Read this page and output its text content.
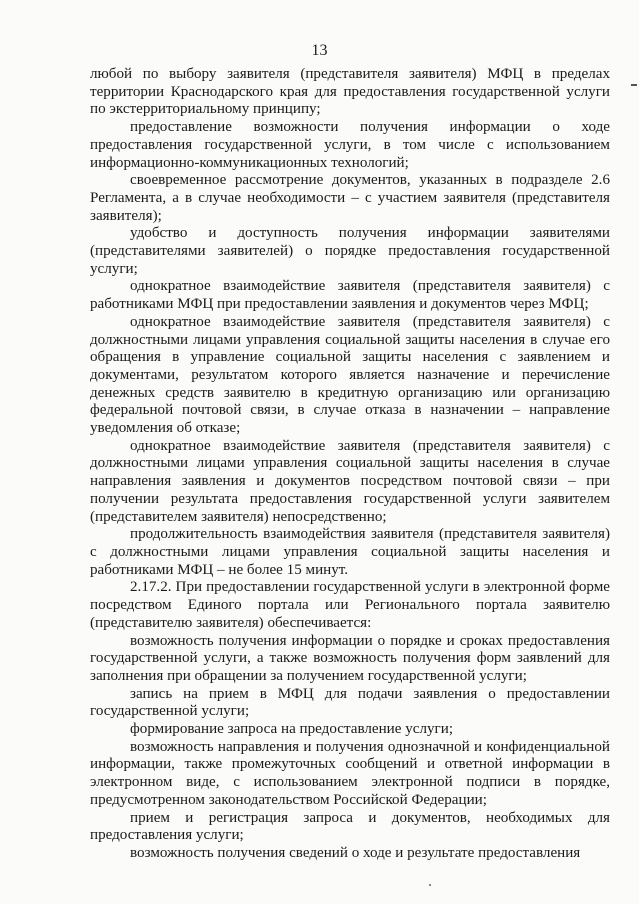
13

любой по выбору заявителя (представителя заявителя) МФЦ в пределах территории Краснодарского края для предоставления государственной услуги по экстерриториальному принципу;

предоставление возможности получения информации о ходе предоставления государственной услуги, в том числе с использованием информационно-коммуникационных технологий;

своевременное рассмотрение документов, указанных в подразделе 2.6 Регламента, а в случае необходимости – с участием заявителя (представителя заявителя);

удобство и доступность получения информации заявителями (представителями заявителей) о порядке предоставления государственной услуги;

однократное взаимодействие заявителя (представителя заявителя) с работниками МФЦ при предоставлении заявления и документов через МФЦ;

однократное взаимодействие заявителя (представителя заявителя) с должностными лицами управления социальной защиты населения в случае его обращения в управление социальной защиты населения с заявлением и документами, результатом которого является назначение и перечисление денежных средств заявителю в кредитную организацию или организацию федеральной почтовой связи, в случае отказа в назначении – направление уведомления об отказе;

однократное взаимодействие заявителя (представителя заявителя) с должностными лицами управления социальной защиты населения в случае направления заявления и документов посредством почтовой связи – при получении результата предоставления государственной услуги заявителем (представителем заявителя) непосредственно;

продолжительность взаимодействия заявителя (представителя заявителя) с должностными лицами управления социальной защиты населения и работниками МФЦ – не более 15 минут.

2.17.2. При предоставлении государственной услуги в электронной форме посредством Единого портала или Регионального портала заявителю (представителю заявителя) обеспечивается:

возможность получения информации о порядке и сроках предоставления государственной услуги, а также возможность получения форм заявлений для заполнения при обращении за получением государственной услуги;

запись на прием в МФЦ для подачи заявления о предоставлении государственной услуги;

формирование запроса на предоставление услуги;

возможность направления и получения однозначной и конфиденциальной информации, также промежуточных сообщений и ответной информации в электронном виде, с использованием электронной подписи в порядке, предусмотренном законодательством Российской Федерации;

прием и регистрация запроса и документов, необходимых для предоставления услуги;

возможность получения сведений о ходе и результате предоставления
